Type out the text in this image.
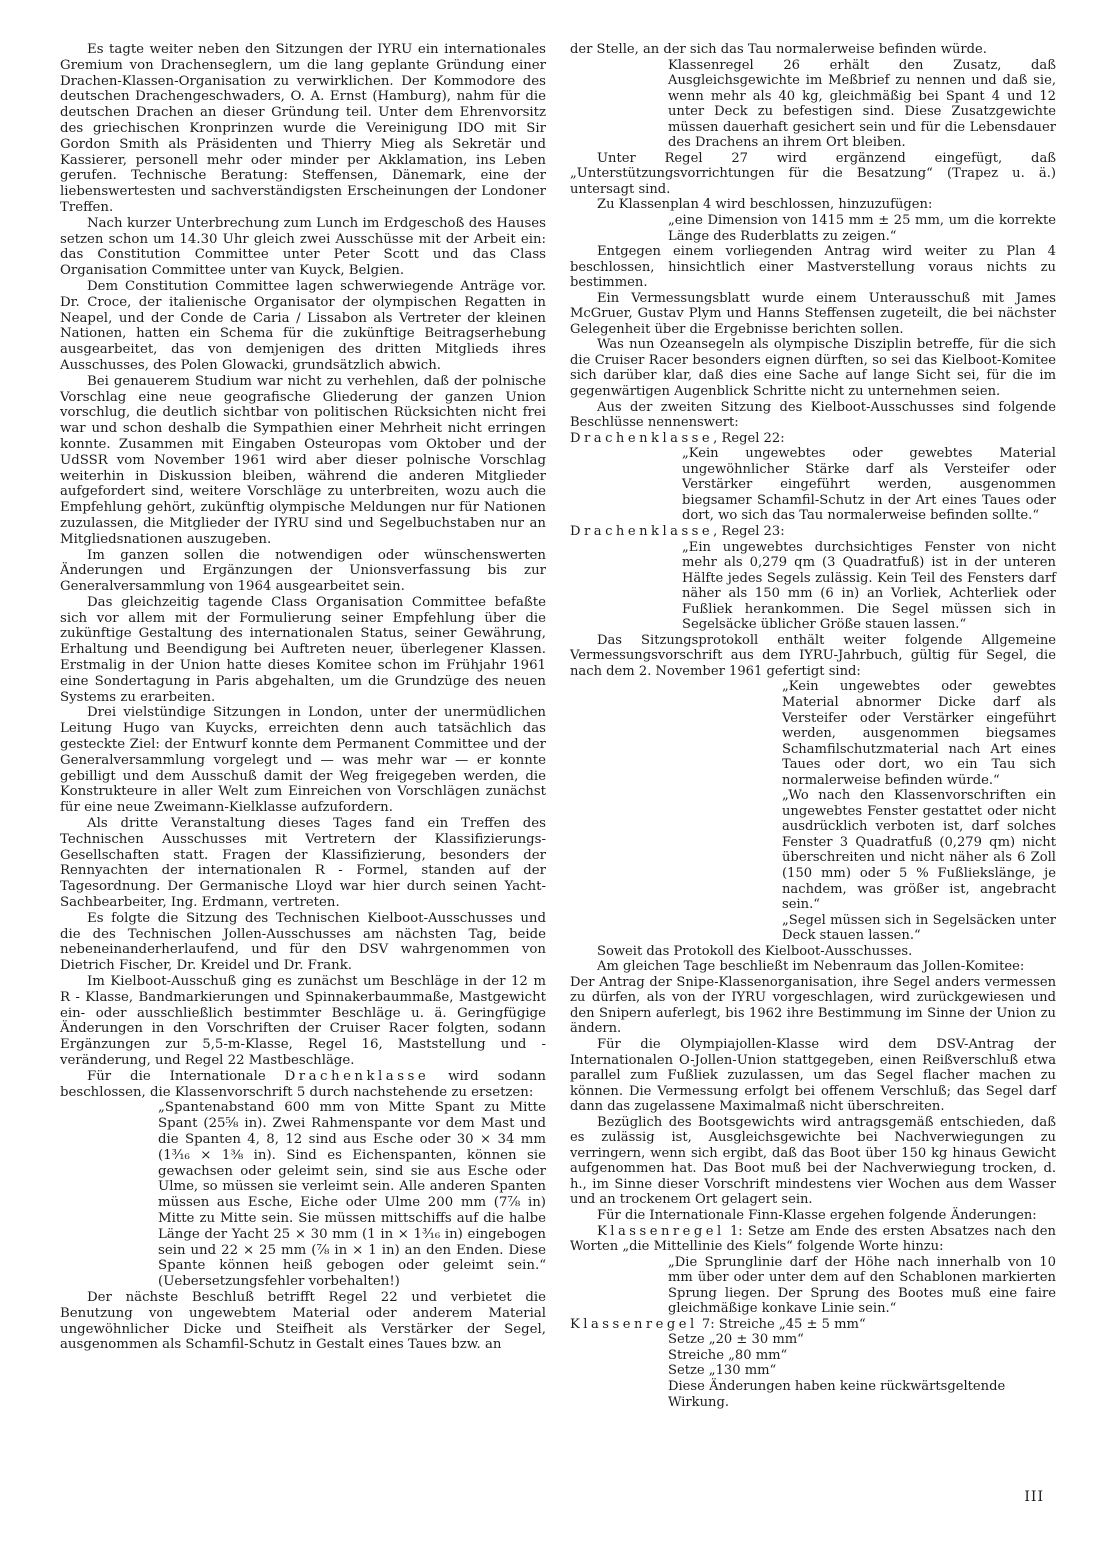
Es tagte weiter neben den Sitzungen der IYRU ein internationales Gremium von Drachenseglern, um die lang geplante Gründung einer Drachen-Klassen-Organisation zu verwirklichen. Der Kommodore des deutschen Drachengeschwaders, O. A. Ernst (Hamburg), nahm für die deutschen Drachen an dieser Gründung teil. Unter dem Ehrenvorsitz des griechischen Kronprinzen wurde die Vereinigung IDO mit Sir Gordon Smith als Präsidenten und Thierry Mieg als Sekretär und Kassierer, personell mehr oder minder per Akklamation, ins Leben gerufen. Technische Beratung: Steffensen, Dänemark, eine der liebenswertesten und sachverständigsten Erscheinungen der Londoner Treffen.

Nach kurzer Unterbrechung zum Lunch im Erdgeschoß des Hauses setzen schon um 14.30 Uhr gleich zwei Ausschüsse mit der Arbeit ein: das Constitution Committee unter Peter Scott und das Class Organisation Committee unter van Kuyck, Belgien.

Dem Constitution Committee lagen schwerwiegende Anträge vor. Dr. Croce, der italienische Organisator der olympischen Regatten in Neapel, und der Conde de Caria / Lissabon als Vertreter der kleinen Nationen, hatten ein Schema für die zukünftige Beitragserhebung ausgearbeitet, das von demjenigen des dritten Mitglieds ihres Ausschusses, des Polen Glowacki, grundsätzlich abwich.

Bei genauerem Studium war nicht zu verhehlen, daß der polnische Vorschlag eine neue geografische Gliederung der ganzen Union vorschlug, die deutlich sichtbar von politischen Rücksichten nicht frei war und schon deshalb die Sympathien einer Mehrheit nicht erringen konnte. Zusammen mit Eingaben Osteuropas vom Oktober und der UdSSR vom November 1961 wird aber dieser polnische Vorschlag weiterhin in Diskussion bleiben, während die anderen Mitglieder aufgefordert sind, weitere Vorschläge zu unterbreiten, wozu auch die Empfehlung gehört, zukünftig olympische Meldungen nur für Nationen zuzulassen, die Mitglieder der IYRU sind und Segelbuchstaben nur an Mitgliedsnationen auszugeben.

Im ganzen sollen die notwendigen oder wünschenswerten Änderungen und Ergänzungen der Unionsverfassung bis zur Generalversammlung von 1964 ausgearbeitet sein.

Das gleichzeitig tagende Class Organisation Committee befaßte sich vor allem mit der Formulierung seiner Empfehlung über die zukünftige Gestaltung des internationalen Status, seiner Gewährung, Erhaltung und Beendigung bei Auftreten neuer, überlegener Klassen. Erstmalig in der Union hatte dieses Komitee schon im Frühjahr 1961 eine Sondertagung in Paris abgehalten, um die Grundzüge des neuen Systems zu erarbeiten.

Drei vielstündige Sitzungen in London, unter der unermüdlichen Leitung Hugo van Kuycks, erreichten denn auch tatsächlich das gesteckte Ziel: der Entwurf konnte dem Permanent Committee und der Generalversammlung vorgelegt und — was mehr war — er konnte gebilligt und dem Ausschuß damit der Weg freigegeben werden, die Konstrukteure in aller Welt zum Einreichen von Vorschlägen zunächst für eine neue Zweimann-Kielklasse aufzufordern.

Als dritte Veranstaltung dieses Tages fand ein Treffen des Technischen Ausschusses mit Vertretern der Klassifizierungs-Gesellschaften statt. Fragen der Klassifizierung, besonders der Rennyachten der internationalen R - Formel, standen auf der Tagesordnung. Der Germanische Lloyd war hier durch seinen Yacht-Sachbearbeiter, Ing. Erdmann, vertreten.

Es folgte die Sitzung des Technischen Kielboot-Ausschusses und die des Technischen Jollen-Ausschusses am nächsten Tag, beide nebeneinanderherlaufend, und für den DSV wahrgenommen von Dietrich Fischer, Dr. Kreidel und Dr. Frank.

Im Kielboot-Ausschuß ging es zunächst um Beschläge in der 12 m R - Klasse, Bandmarkierungen und Spinnakerbaummaße, Mastgewicht ein- oder ausschließlich bestimmter Beschläge u. ä. Geringfügige Änderungen in den Vorschriften der Cruiser Racer folgten, sodann Ergänzungen zur 5,5-m-Klasse, Regel 16, Maststellung und -veränderung, und Regel 22 Mastbeschläge.

Für die Internationale Drachenklasse wird sodann beschlossen, die Klassenvorschrift 5 durch nachstehende zu ersetzen:

„Spantenabstand 600 mm von Mitte Spant zu Mitte Spant (25⅝ in). Zwei Rahmenspante vor dem Mast und die Spanten 4, 8, 12 sind aus Esche oder 30 × 34 mm (1³⁄₁₆ × 1⅜ in). Sind es Eichenspanten, können sie gewachsen oder geleimt sein, sind sie aus Esche oder Ulme, so müssen sie verleimt sein. Alle anderen Spanten müssen aus Esche, Eiche oder Ulme 200 mm (7⅞ in) Mitte zu Mitte sein. Sie müssen mittschiffs auf die halbe Länge der Yacht 25 × 30 mm (1 in × 1³⁄₁₆ in) eingebogen sein und 22 × 25 mm (⅞ in × 1 in) an den Enden. Diese Spante können heiß gebogen oder geleimt sein.“ (Uebersetzungsfehler vorbehalten!)

Der nächste Beschluß betrifft Regel 22 und verbietet die Benutzung von ungewebtem Material oder anderem Material ungewöhnlicher Dicke und Steifheit als Verstärker der Segel, ausgenommen als Schamfil-Schutz in Gestalt eines Taues bzw. an

der Stelle, an der sich das Tau normalerweise befinden würde.

Klassenregel 26 erhält den Zusatz, daß Ausgleichsgewichte im Meßbrief zu nennen und daß sie, wenn mehr als 40 kg, gleichmäßig bei Spant 4 und 12 unter Deck zu befestigen sind. Diese Zusatzgewichte müssen dauerhaft gesichert sein und für die Lebensdauer des Drachens an ihrem Ort bleiben.

Unter Regel 27 wird ergänzend eingefügt, daß „Unterstützungsvorrichtungen für die Besatzung“ (Trapez u. ä.) untersagt sind.

Zu Klassenplan 4 wird beschlossen, hinzuzufügen:

„eine Dimension von 1415 mm ± 25 mm, um die korrekte Länge des Ruderblatts zu zeigen.“

Entgegen einem vorliegenden Antrag wird weiter zu Plan 4 beschlossen, hinsichtlich einer Mastverstellung voraus nichts zu bestimmen.

Ein Vermessungsblatt wurde einem Unterausschuß mit James McGruer, Gustav Plym und Hanns Steffensen zugeteilt, die bei nächster Gelegenheit über die Ergebnisse berichten sollen.

Was nun Ozeansegeln als olympische Disziplin betreffe, für die sich die Cruiser Racer besonders eignen dürften, so sei das Kielboot-Komitee sich darüber klar, daß dies eine Sache auf lange Sicht sei, für die im gegenwärtigen Augenblick Schritte nicht zu unternehmen seien.

Aus der zweiten Sitzung des Kielboot-Ausschusses sind folgende Beschlüsse nennenswert:

Drachenklasse, Regel 22:

„Kein ungewebtes oder gewebtes Material ungewöhnlicher Stärke darf als Versteifer oder Verstärker eingeführt werden, ausgenommen biegsamer Schamfil-Schutz in der Art eines Taues oder dort, wo sich das Tau normalerweise befinden sollte.“

Drachenklasse, Regel 23:

„Ein ungewebtes durchsichtiges Fenster von nicht mehr als 0,279 qm (3 Quadratfuß) ist in der unteren Hälfte jedes Segels zulässig. Kein Teil des Fensters darf näher als 150 mm (6 in) an Vorliek, Achterliek oder Fußliek herankommen. Die Segel müssen sich in Segelsäcke üblicher Größe stauen lassen.“

Das Sitzungsprotokoll enthält weiter folgende Allgemeine Vermessungsvorschrift aus dem IYRU-Jahrbuch, gültig für Segel, die nach dem 2. November 1961 gefertigt sind:

„Kein ungewebtes oder gewebtes Material abnormer Dicke darf als Versteifer oder Verstärker eingeführt werden, ausgenommen biegsames Schamfilschutzmaterial nach Art eines Taues oder dort, wo ein Tau sich normalerweise befinden würde.“

„Wo nach den Klassenvorschriften ein ungewebtes Fenster gestattet oder nicht ausdrücklich verboten ist, darf solches Fenster 3 Quadratfuß (0,279 qm) nicht überschreiten und nicht näher als 6 Zoll (150 mm) oder 5 % Fußliekslänge, je nachdem, was größer ist, angebracht sein.“

„Segel müssen sich in Segelsäcken unter Deck stauen lassen.“

Soweit das Protokoll des Kielboot-Ausschusses.

Am gleichen Tage beschließt im Nebenraum das Jollen-Komitee:

Der Antrag der Snipe-Klassenorganisation, ihre Segel anders vermessen zu dürfen, als von der IYRU vorgeschlagen, wird zurückgewiesen und den Snipern auferlegt, bis 1962 ihre Bestimmung im Sinne der Union zu ändern.

Für die Olympiajollen-Klasse wird dem DSV-Antrag der Internationalen O-Jollen-Union stattgegeben, einen Reißverschluß etwa parallel zum Fußliek zuzulassen, um das Segel flacher machen zu können. Die Vermessung erfolgt bei offenem Verschluß; das Segel darf dann das zugelassene Maximalmaß nicht überschreiten.

Bezüglich des Bootsgewichts wird antragsgemäß entschieden, daß es zulässig ist, Ausgleichsgewichte bei Nachverwiegungen zu verringern, wenn sich ergibt, daß das Boot über 150 kg hinaus Gewicht aufgenommen hat. Das Boot muß bei der Nachverwiegung trocken, d. h., im Sinne dieser Vorschrift mindestens vier Wochen aus dem Wasser und an trockenem Ort gelagert sein.

Für die Internationale Finn-Klasse ergehen folgende Änderungen:

Klassenregel 1: Setze am Ende des ersten Absatzes nach den Worten „die Mittellinie des Kiels“ folgende Worte hinzu:

„Die Sprunglinie darf der Höhe nach innerhalb von 10 mm über oder unter dem auf den Schablonen markierten Sprung liegen. Der Sprung des Bootes muß eine faire gleichmäßige konkave Linie sein.“

Klassenregel 7: Streiche „45 ± 5 mm“

Setze „20 ± 30 mm“

Streiche „80 mm“

Setze „130 mm“

Diese Änderungen haben keine rückwärtsgeltende Wirkung.

III
